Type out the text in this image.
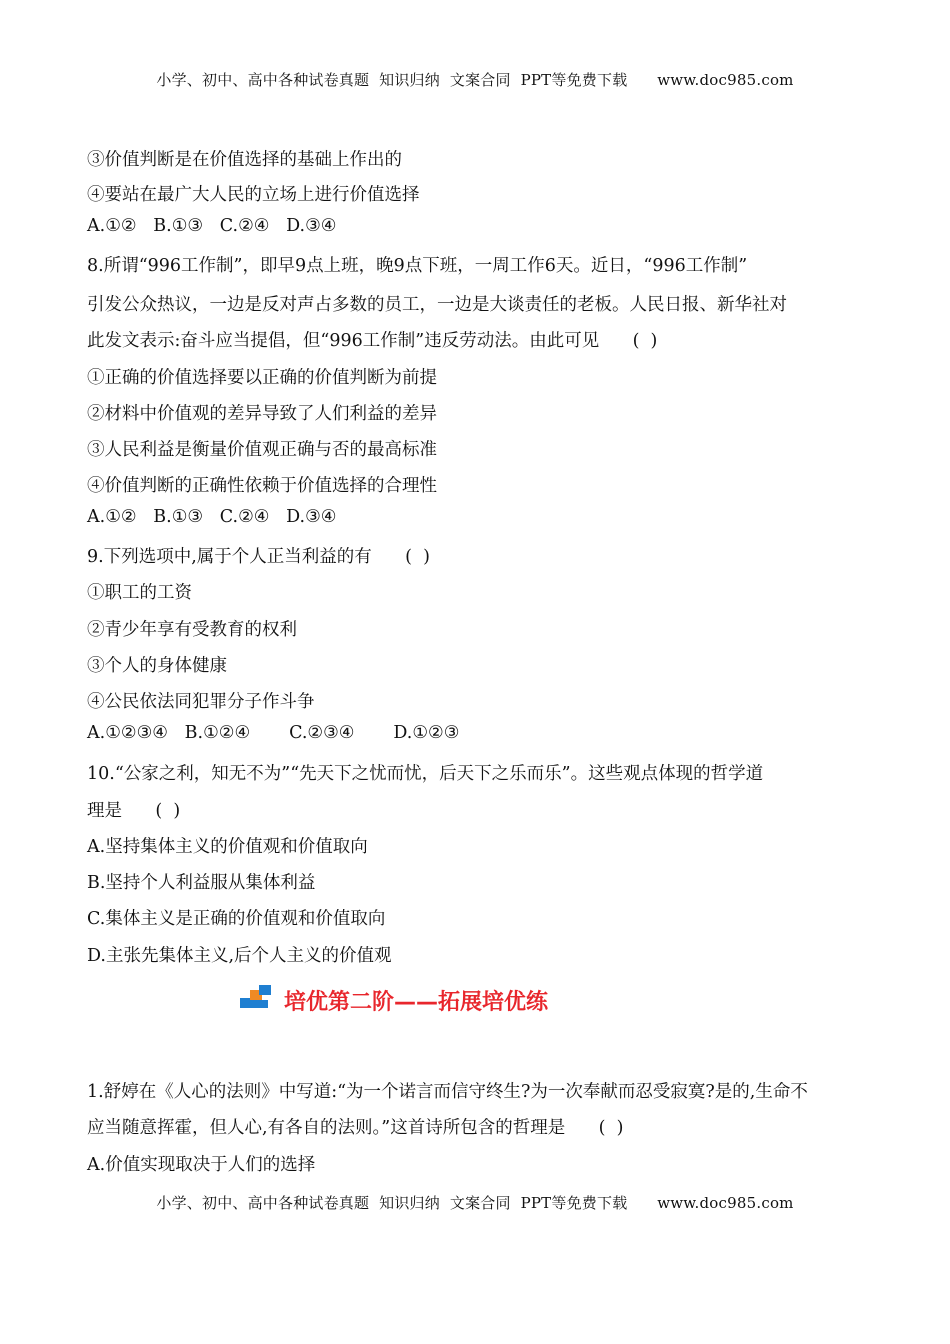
小学、初中、高中各种试卷真题  知识归纳  文案合同  PPT等免费下载      www.doc985.com
③价值判断是在价值选择的基础上作出的
④要站在最广大人民的立场上进行价值选择
A.①②   B.①③   C.②④   D.③④
8.所谓“996工作制”，即早9点上班，晚9点下班，一周工作6天。近日，“996工作制”
引发公众热议，一边是反对声占多数的员工，一边是大谈责任的老板。人民日报、新华社对
此发文表示:奋斗应当提倡，但“996工作制”违反劳动法。由此可见      (  )
①正确的价值选择要以正确的价值判断为前提
②材料中价值观的差异导致了人们利益的差异
③人民利益是衡量价值观正确与否的最高标准
④价值判断的正确性依赖于价值选择的合理性
A.①②   B.①③   C.②④   D.③④
9.下列选项中,属于个人正当利益的有      (  )
①职工的工资
②青少年享有受教育的权利
③个人的身体健康
④公民依法同犯罪分子作斗争
A.①②③④   B.①②④       C.②③④       D.①②③
10.“公家之利，知无不为”“先天下之忧而忧，后天下之乐而乐”。这些观点体现的哲学道
理是      (  )
A.坚持集体主义的价值观和价值取向
B.坚持个人利益服从集体利益
C.集体主义是正确的价值观和价值取向
D.主张先集体主义,后个人主义的价值观
培优第二阶——拓展培优练
1.舒婷在《人心的法则》中写道:“为一个诺言而信守终生?为一次奉献而忍受寂寞?是的,生命不
应当随意挥霍，但人心,有各自的法则。”这首诗所包含的哲理是      (  )
A.价值实现取决于人们的选择
小学、初中、高中各种试卷真题  知识归纳  文案合同  PPT等免费下载      www.doc985.com
